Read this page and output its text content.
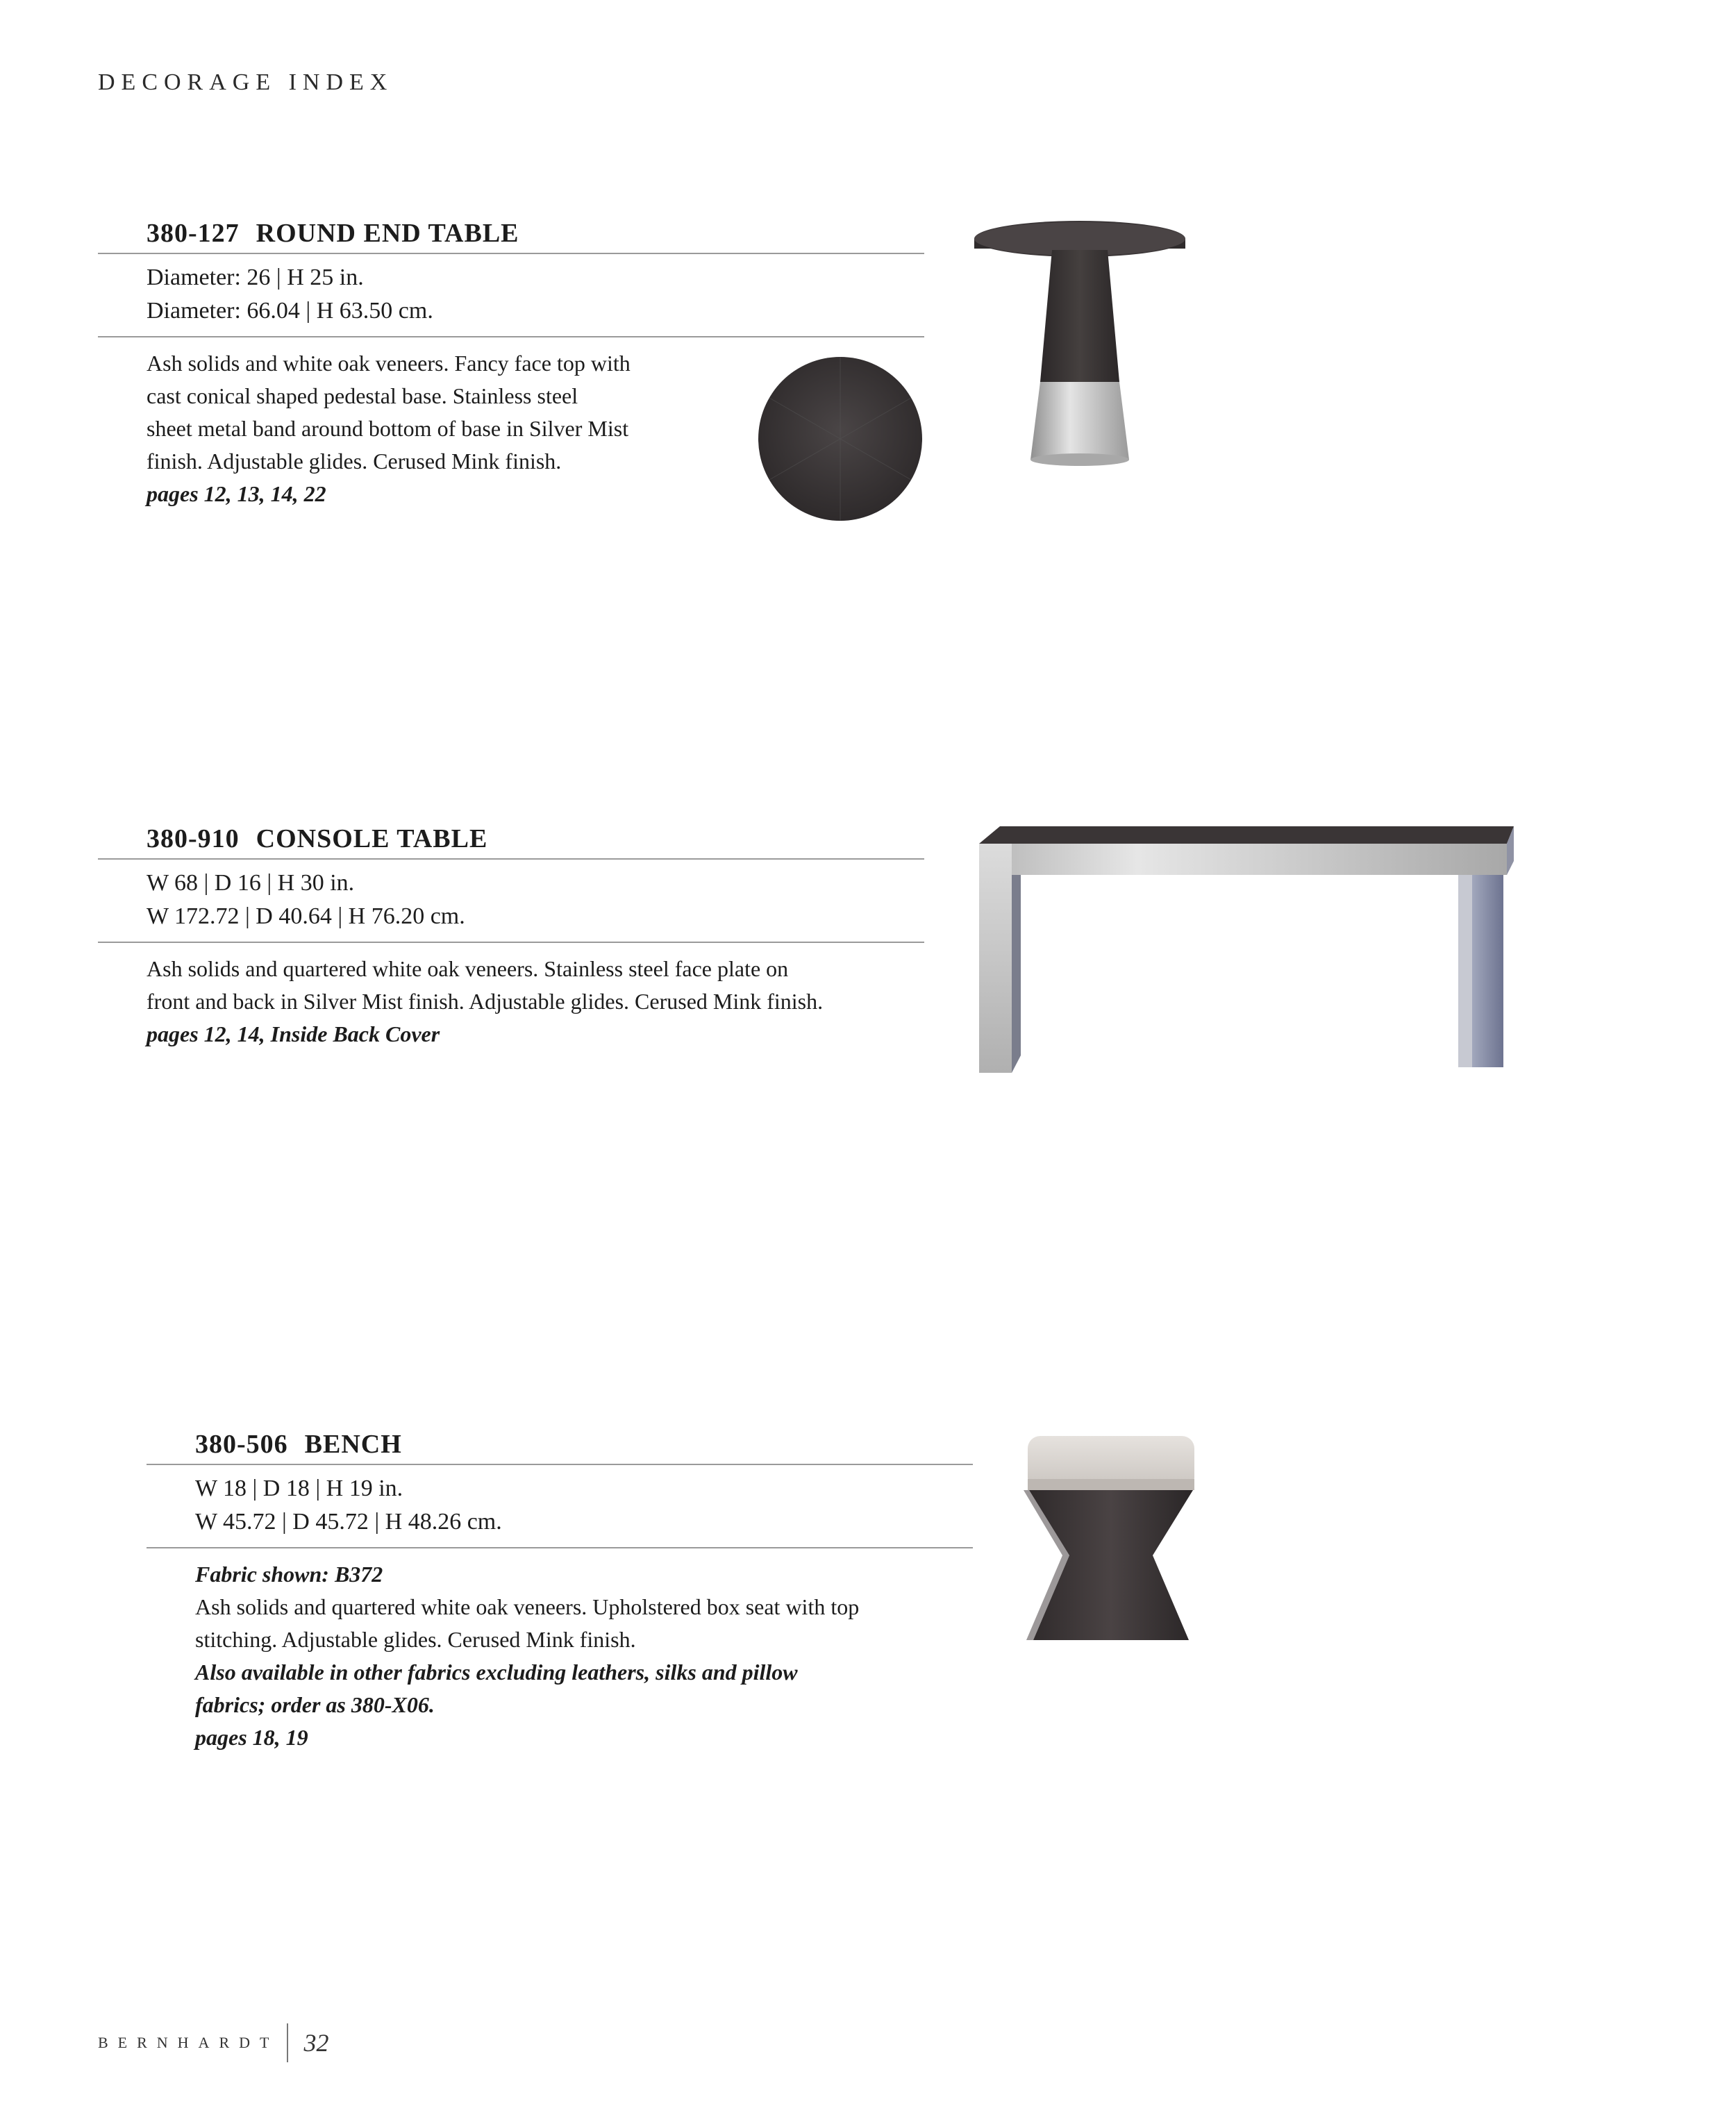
DECORAGE INDEX
380-127 ROUND END TABLE
Diameter: 26 | H 25 in.
Diameter: 66.04 | H 63.50 cm.
Ash solids and white oak veneers. Fancy face top with
cast conical shaped pedestal base. Stainless steel
sheet metal band around bottom of base in Silver Mist
finish. Adjustable glides. Cerused Mink finish.
pages 12, 13, 14, 22
380-910 CONSOLE TABLE
W 68 | D 16 | H 30 in.
W 172.72 | D 40.64 | H 76.20 cm.
Ash solids and quartered white oak veneers. Stainless steel face plate on
front and back in Silver Mist finish. Adjustable glides. Cerused Mink finish.
pages 12, 14, Inside Back Cover
380-506 BENCH
W 18 | D 18 | H 19 in.
W 45.72 | D 45.72 | H 48.26 cm.
Fabric shown: B372
Ash solids and quartered white oak veneers. Upholstered box seat with top
stitching. Adjustable glides. Cerused Mink finish.
Also available in other fabrics excluding leathers, silks and pillow
fabrics; order as 380-X06.
pages 18, 19
BERNHARDT 32
